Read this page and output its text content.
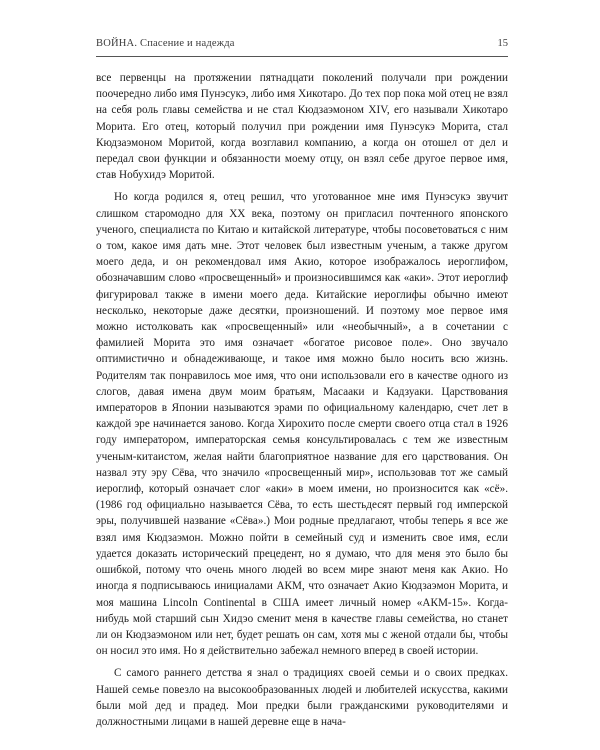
ВОЙНА. Спасение и надежда	15

все первенцы на протяжении пятнадцати поколений получали при рождении поочередно либо имя Пунэсукэ, либо имя Хикотаро. До тех пор пока мой отец не взял на себя роль главы семейства и не стал Кюдзаэмоном XIV, его называли Хикотаро Морита. Его отец, который получил при рождении имя Пунэсукэ Морита, стал Кюдзаэмоном Моритой, когда возглавил компанию, а когда он отошел от дел и передал свои функции и обязанности моему отцу, он взял себе другое первое имя, став Нобухидэ Моритой.

Но когда родился я, отец решил, что уготованное мне имя Пунэсукэ звучит слишком старомодно для XX века, поэтому он пригласил почтенного японского ученого, специалиста по Китаю и китайской литературе, чтобы посоветоваться с ним о том, какое имя дать мне. Этот человек был известным ученым, а также другом моего деда, и он рекомендовал имя Акио, которое изображалось иероглифом, обозначавшим слово «просвещенный» и произносившимся как «аки». Этот иероглиф фигурировал также в имени моего деда. Китайские иероглифы обычно имеют несколько, некоторые даже десятки, произношений. И поэтому мое первое имя можно истолковать как «просвещенный» или «необычный», а в сочетании с фамилией Морита это имя означает «богатое рисовое поле». Оно звучало оптимистично и обнадеживающе, и такое имя можно было носить всю жизнь. Родителям так понравилось мое имя, что они использовали его в качестве одного из слогов, давая имена двум моим братьям, Масааки и Кадзуаки. Царствования императоров в Японии называются эрами по официальному календарю, счет лет в каждой эре начинается заново. Когда Хирохито после смерти своего отца стал в 1926 году императором, императорская семья консультировалась с тем же известным ученым-китаистом, желая найти благоприятное название для его царствования. Он назвал эту эру Сёва, что значило «просвещенный мир», использовав тот же самый иероглиф, который означает слог «аки» в моем имени, но произносится как «сё». (1986 год официально называется Сёва, то есть шестьдесят первый год имперской эры, получившей название «Сёва».) Мои родные предлагают, чтобы теперь я все же взял имя Кюдзаэмон. Можно пойти в семейный суд и изменить свое имя, если удается доказать исторический прецедент, но я думаю, что для меня это было бы ошибкой, потому что очень много людей во всем мире знают меня как Акио. Но иногда я подписываюсь инициалами АКМ, что означает Акио Кюдзаэмон Морита, и моя машина Lincoln Continental в США имеет личный номер «АКМ-15». Когда-нибудь мой старший сын Хидэо сменит меня в качестве главы семейства, но станет ли он Кюдзаэмоном или нет, будет решать он сам, хотя мы с женой отдали бы, чтобы он носил это имя. Но я действительно забежал немного вперед в своей истории.

С самого раннего детства я знал о традициях своей семьи и о своих предках. Нашей семье повезло на высокообразованных людей и любителей искусства, какими были мой дед и прадед. Мои предки были гражданскими руководителями и должностными лицами в нашей деревне еще в нача-
